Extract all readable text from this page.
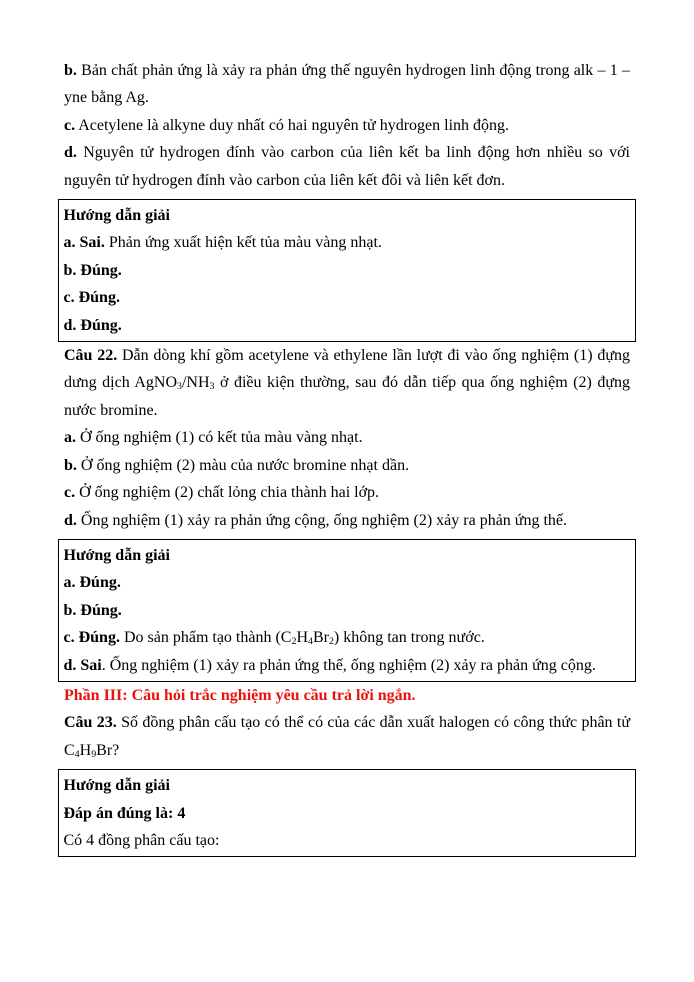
b. Bản chất phản ứng là xảy ra phản ứng thế nguyên hydrogen linh động trong alk – 1 – yne bằng Ag.

c. Acetylene là alkyne duy nhất có hai nguyên tử hydrogen linh động.

d. Nguyên tử hydrogen đính vào carbon của liên kết ba linh động hơn nhiều so với nguyên tử hydrogen đính vào carbon của liên kết đôi và liên kết đơn.

Hướng dẫn giải

a. Sai. Phản ứng xuất hiện kết tủa màu vàng nhạt.

b. Đúng.

c. Đúng.

d. Đúng.

Câu 22. Dẫn dòng khí gồm acetylene và ethylene lần lượt đi vào ống nghiệm (1) đựng dưng dịch $AgNO_3/NH_3$ ở điều kiện thường, sau đó dẫn tiếp qua ống nghiệm (2) đựng nước bromine.

a. Ở ống nghiệm (1) có kết tủa màu vàng nhạt.

b. Ở ống nghiệm (2) màu của nước bromine nhạt dần.

c. Ở ống nghiệm (2) chất lỏng chia thành hai lớp.

d. Ống nghiệm (1) xảy ra phản ứng cộng, ống nghiệm (2) xảy ra phản ứng thế.

Hướng dẫn giải

a. Đúng.

b. Đúng.

c. Đúng. Do sản phẩm tạo thành $(C_2H_4Br_2)$ không tan trong nước.

d. Sai. Ống nghiệm (1) xảy ra phản ứng thế, ống nghiệm (2) xảy ra phản ứng cộng.

Phần III: Câu hỏi trắc nghiệm yêu cầu trả lời ngắn.

Câu 23. Số đồng phân cấu tạo có thể có của các dẫn xuất halogen có công thức phân tử $C_4H_9Br$?

Hướng dẫn giải

Đáp án đúng là: 4

Có 4 đồng phân cấu tạo:
